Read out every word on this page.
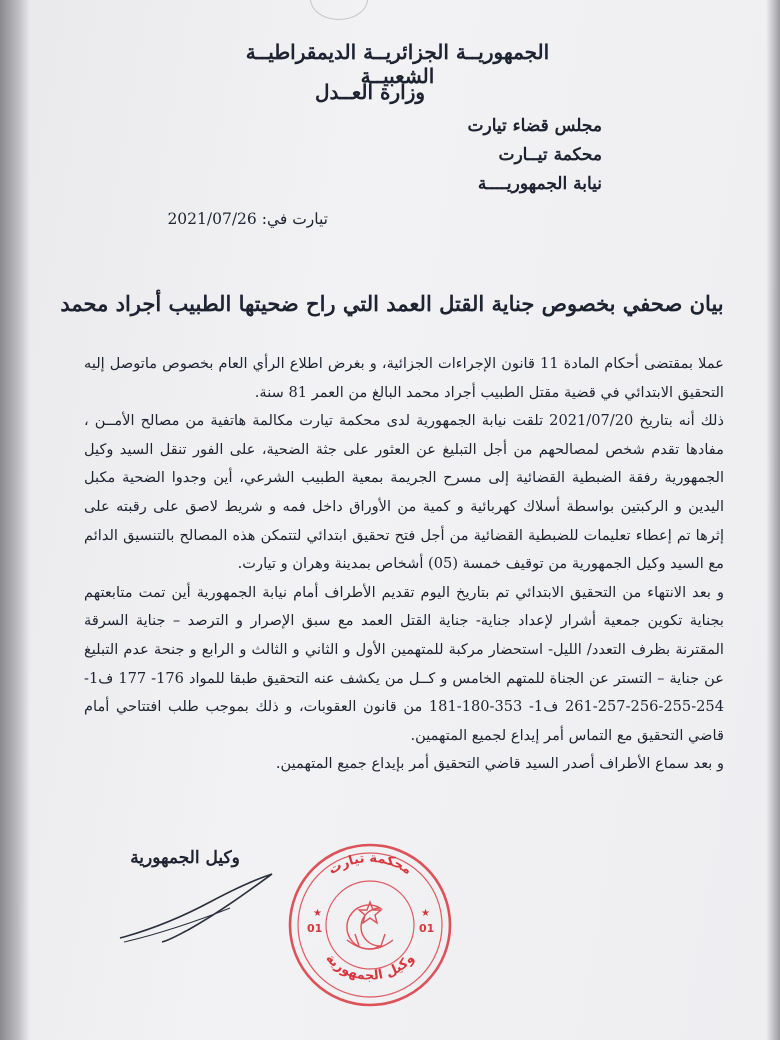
الجمهوريــة الجزائريــة الديمقراطيــة الشعبيــة
وزارة العــدل
مجلس قضاء تيارت
محكمة تيــارت
نيابة الجمهوريــــة
تيارت في: 2021/07/26
بيان صحفي بخصوص جناية القتل العمد التي راح ضحيتها الطبيب أجراد محمد

عملا بمقتضى أحكام المادة 11 قانون الإجراءات الجزائية، و بغرض اطلاع الرأي العام بخصوص ماتوصل إليه التحقيق الابتدائي في قضية مقتل الطبيب أجراد محمد البالغ من العمر 81 سنة.

ذلك أنه بتاريخ 2021/07/20 تلقت نيابة الجمهورية لدى محكمة تيارت مكالمة هاتفية من مصالح الأمــن ، مفادها تقدم شخص لمصالحهم من أجل التبليغ عن العثور على جثة الضحية، على الفور تنقل السيد وكيل الجمهورية رفقة الضبطية القضائية إلى مسرح الجريمة بمعية الطبيب الشرعي، أين وجدوا الضحية مكبل اليدين و الركبتين بواسطة أسلاك كهربائية و كمية من الأوراق داخل فمه و شريط لاصق على رقبته على إثرها تم إعطاء تعليمات للضبطية القضائية من أجل فتح تحقيق ابتدائي لتتمكن هذه المصالح بالتنسيق الدائم مع السيد وكيل الجمهورية من توقيف خمسة (05) أشخاص بمدينة وهران و تيارت.

و بعد الانتهاء من التحقيق الابتدائي تم بتاريخ اليوم تقديم الأطراف أمام نيابة الجمهورية أين تمت متابعتهم بجناية تكوين جمعية أشرار لإعداد جناية- جناية القتل العمد مع سبق الإصرار و الترصد – جناية السرقة المقترنة بظرف التعدد/ الليل- استحضار مركبة للمتهمين الأول و الثاني و الثالث و الرابع و جنحة عدم التبليغ عن جناية – التستر عن الجناة للمتهم الخامس و كــل من يكشف عنه التحقيق طبقا للمواد 176- 177 ف1- 254-255-256-257-261 ف1- 353-180-181 من قانون العقوبات، و ذلك بموجب طلب افتتاحي أمام قاضي التحقيق مع التماس أمر إيداع لجميع المتهمين.

و بعد سماع الأطراف أصدر السيد قاضي التحقيق أمر بإيداع جميع المتهمين.

وكيل الجمهورية
محكمة تيارت
وكيل الجمهورية
01	01
★	★
